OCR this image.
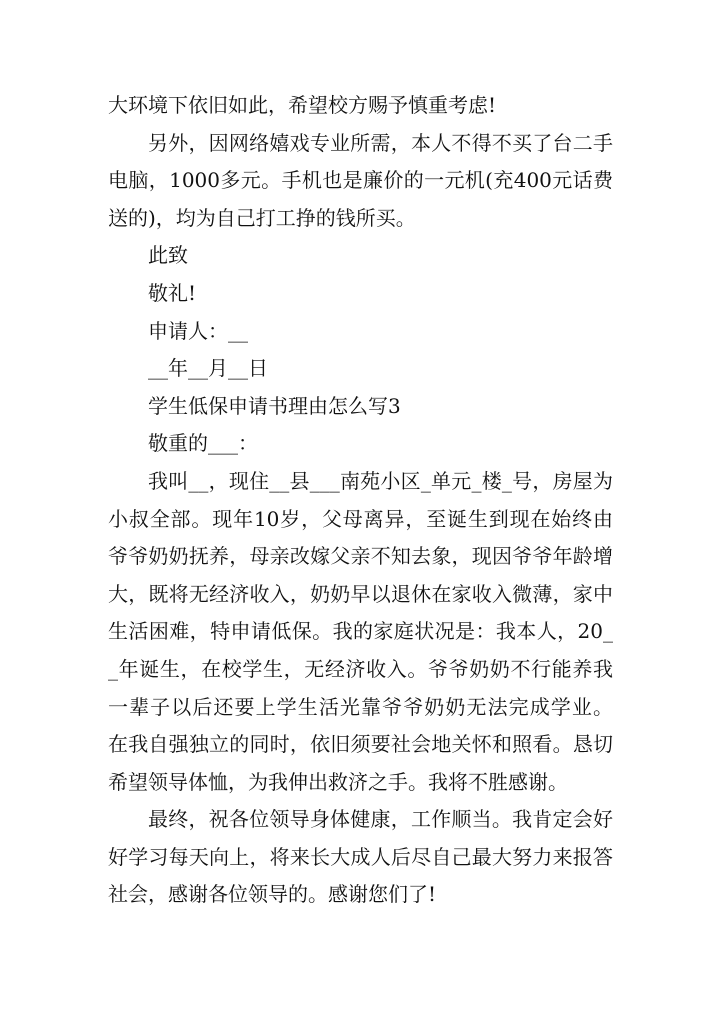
大环境下依旧如此，希望校方赐予慎重考虑!

另外，因网络嬉戏专业所需，本人不得不买了台二手电脑，1000多元。手机也是廉价的一元机(充400元话费送的)，均为自己打工挣的钱所买。

此致

敬礼!

申请人：__

__年__月__日

学生低保申请书理由怎么写3

敬重的___：

我叫__，现住__县___南苑小区_单元_楼_号，房屋为小叔全部。现年10岁，父母离异，至诞生到现在始终由爷爷奶奶抚养，母亲改嫁父亲不知去象，现因爷爷年龄增大，既将无经济收入，奶奶早以退休在家收入微薄，家中生活困难，特申请低保。我的家庭状况是：我本人，20__年诞生，在校学生，无经济收入。爷爷奶奶不行能养我一辈子以后还要上学生活光靠爷爷奶奶无法完成学业。 在我自强独立的同时，依旧须要社会地关怀和照看。恳切希望领导体恤，为我伸出救济之手。我将不胜感谢。

最终，祝各位领导身体健康，工作顺当。我肯定会好好学习每天向上，将来长大成人后尽自己最大努力来报答社会，感谢各位领导的。感谢您们了!
